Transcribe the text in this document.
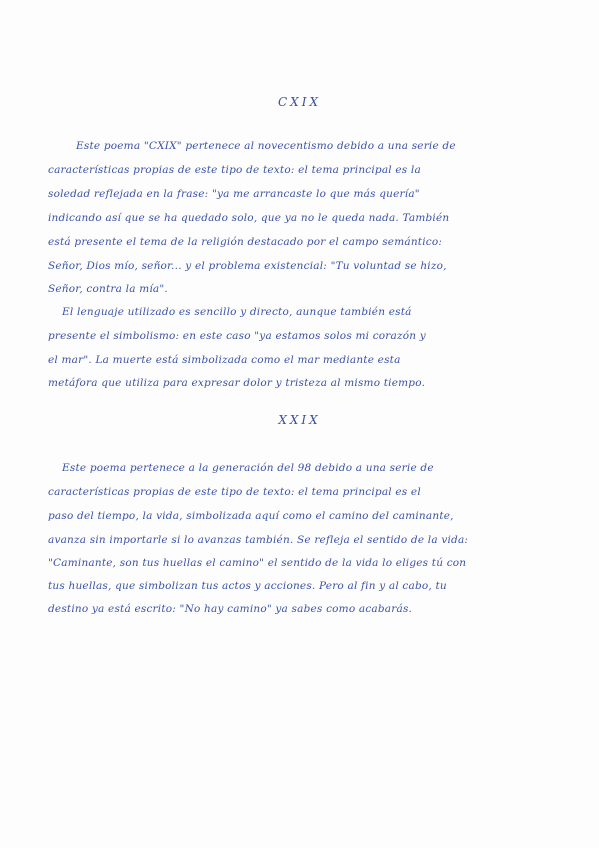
CXIX
Este poema "CXIX" pertenece al novecentismo debido a una serie de
características propias de este tipo de texto: el tema principal es la
soledad reflejada en la frase: "ya me arrancaste lo que más quería"
indicando así que se ha quedado solo, que ya no le queda nada. También
está presente el tema de la religión destacado por el campo semántico:
Señor, Dios mío, señor... y el problema existencial: "Tu voluntad se hizo,
Señor, contra la mía".
El lenguaje utilizado es sencillo y directo, aunque también está
presente el simbolismo: en este caso "ya estamos solos mi corazón y
el mar". La muerte está simbolizada como el mar mediante esta
metáfora que utiliza para expresar dolor y tristeza al mismo tiempo.
XXIX
Este poema pertenece a la generación del 98 debido a una serie de
características propias de este tipo de texto: el tema principal es el
paso del tiempo, la vida, simbolizada aquí como el camino del caminante,
avanza sin importarle si lo avanzas también. Se refleja el sentido de la vida:
"Caminante, son tus huellas el camino" el sentido de la vida lo eliges tú con
tus huellas, que simbolizan tus actos y acciones. Pero al fin y al cabo, tu
destino ya está escrito: "No hay camino" ya sabes como acabarás.
